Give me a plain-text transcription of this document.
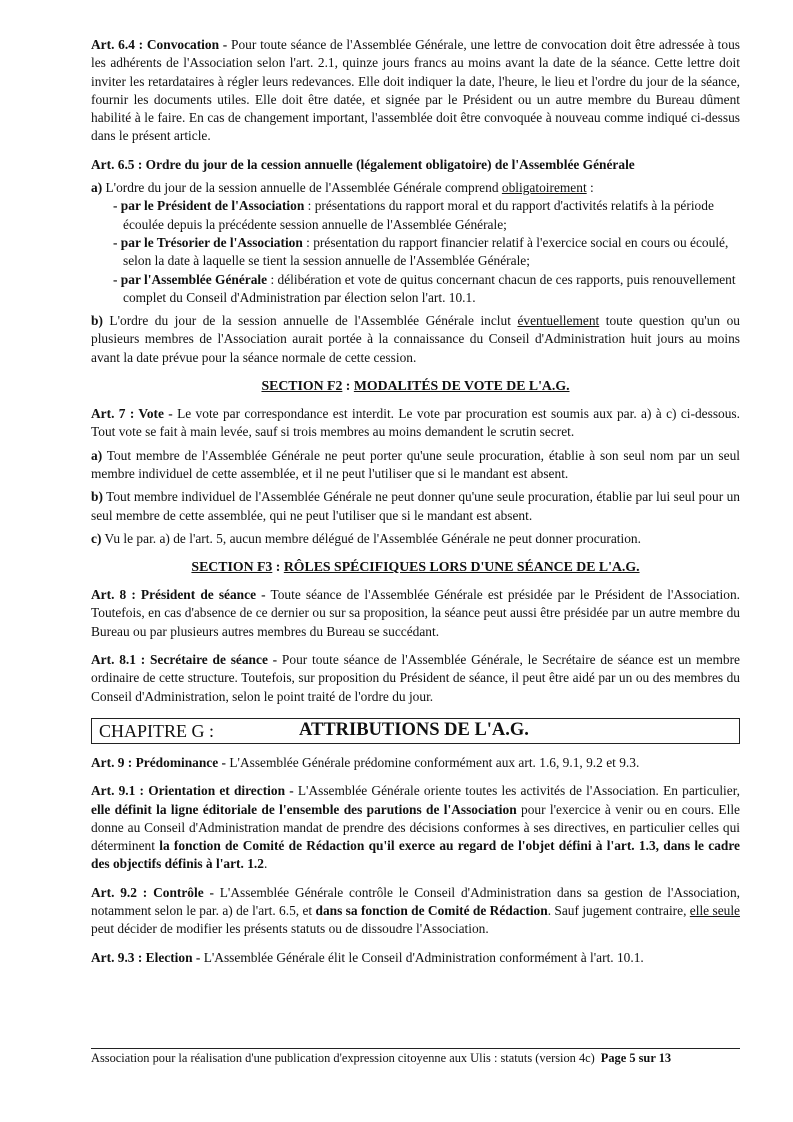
Art. 6.4 : Convocation - Pour toute séance de l'Assemblée Générale, une lettre de convocation doit être adressée à tous les adhérents de l'Association selon l'art. 2.1, quinze jours francs au moins avant la date de la séance. Cette lettre doit inviter les retardataires à régler leurs redevances. Elle doit indiquer la date, l'heure, le lieu et l'ordre du jour de la séance, fournir les documents utiles. Elle doit être datée, et signée par le Président ou un autre membre du Bureau dûment habilité à le faire. En cas de changement important, l'assemblée doit être convoquée à nouveau comme indiqué ci-dessus dans le présent article.

Art. 6.5 : Ordre du jour de la cession annuelle (légalement obligatoire) de l'Assemblée Générale

a) L'ordre du jour de la session annuelle de l'Assemblée Générale comprend obligatoirement :

- par le Président de l'Association : présentations du rapport moral et du rapport d'activités relatifs à la période écoulée depuis la précédente session annuelle de l'Assemblée Générale;
- par le Trésorier de l'Association : présentation du rapport financier relatif à l'exercice social en cours ou écoulé, selon la date à laquelle se tient la session annuelle de l'Assemblée Générale;
- par l'Assemblée Générale : délibération et vote de quitus concernant chacun de ces rapports, puis renouvellement complet du Conseil d'Administration par élection selon l'art. 10.1.

b) L'ordre du jour de la session annuelle de l'Assemblée Générale inclut éventuellement toute question qu'un ou plusieurs membres de l'Association aurait portée à la connaissance du Conseil d'Administration huit jours au moins avant la date prévue pour la séance normale de cette cession.

SECTION F2 : MODALITÉS DE VOTE DE L'A.G.

Art. 7 : Vote - Le vote par correspondance est interdit. Le vote par procuration est soumis aux par. a) à c) ci-dessous. Tout vote se fait à main levée, sauf si trois membres au moins demandent le scrutin secret.

a) Tout membre de l'Assemblée Générale ne peut porter qu'une seule procuration, établie à son seul nom par un seul membre individuel de cette assemblée, et il ne peut l'utiliser que si le mandant est absent.

b) Tout membre individuel de l'Assemblée Générale ne peut donner qu'une seule procuration, établie par lui seul pour un seul membre de cette assemblée, qui ne peut l'utiliser que si le mandant est absent.

c) Vu le par. a) de l'art. 5, aucun membre délégué de l'Assemblée Générale ne peut donner procuration.

SECTION F3 : RÔLES SPÉCIFIQUES LORS D'UNE SÉANCE DE L'A.G.

Art. 8 : Président de séance - Toute séance de l'Assemblée Générale est présidée par le Président de l'Association. Toutefois, en cas d'absence de ce dernier ou sur sa proposition, la séance peut aussi être présidée par un autre membre du Bureau ou par plusieurs autres membres du Bureau se succédant.

Art. 8.1 : Secrétaire de séance - Pour toute séance de l'Assemblée Générale, le Secrétaire de séance est un membre ordinaire de cette structure. Toutefois, sur proposition du Président de séance, il peut être aidé par un ou des membres du Conseil d'Administration, selon le point traité de l'ordre du jour.

CHAPITRE G :	ATTRIBUTIONS DE L'A.G.

Art. 9 : Prédominance - L'Assemblée Générale prédomine conformément aux art. 1.6, 9.1, 9.2 et 9.3.

Art. 9.1 : Orientation et direction - L'Assemblée Générale oriente toutes les activités de l'Association. En particulier, elle définit la ligne éditoriale de l'ensemble des parutions de l'Association pour l'exercice à venir ou en cours. Elle donne au Conseil d'Administration mandat de prendre des décisions conformes à ses directives, en particulier celles qui déterminent la fonction de Comité de Rédaction qu'il exerce au regard de l'objet défini à l'art. 1.3, dans le cadre des objectifs définis à l'art. 1.2.

Art. 9.2 : Contrôle - L'Assemblée Générale contrôle le Conseil d'Administration dans sa gestion de l'Association, notamment selon le par. a) de l'art. 6.5, et dans sa fonction de Comité de Rédaction. Sauf jugement contraire, elle seule peut décider de modifier les présents statuts ou de dissoudre l'Association.

Art. 9.3 : Election - L'Assemblée Générale élit le Conseil d'Administration conformément à l'art. 10.1.

Association pour la réalisation d'une publication d'expression citoyenne aux Ulis : statuts (version 4c) Page 5 sur 13
